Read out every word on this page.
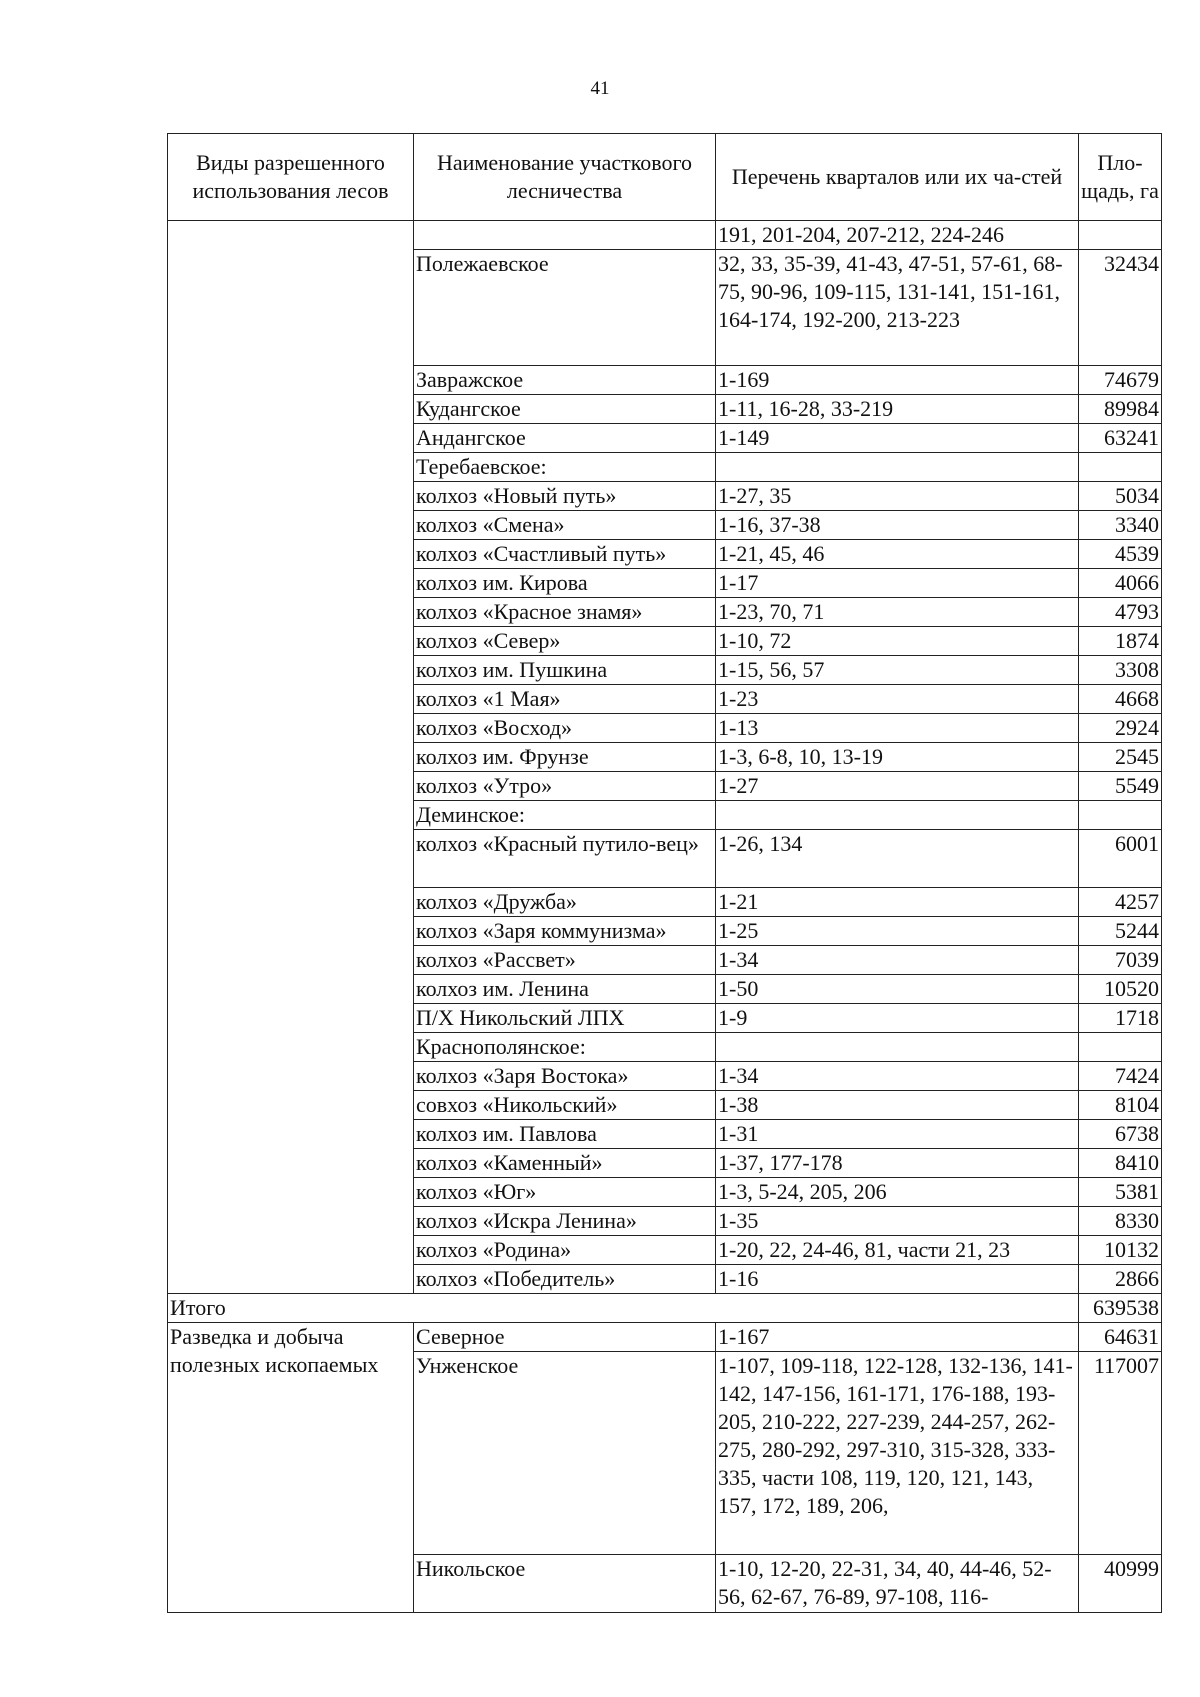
41
Виды разрешенного использования лесов	Наименование участкового лесничества	Перечень кварталов или их ча-стей	Пло-щадь, га
		191, 201-204, 207-212, 224-246	
	Полежаевское	32, 33, 35-39, 41-43, 47-51, 57-61, 68-75, 90-96, 109-115, 131-141, 151-161, 164-174, 192-200, 213-223	32434
	Завражское	1-169	74679
	Кудангское	1-11, 16-28, 33-219	89984
	Андангское	1-149	63241
	Теребаевское:		
	колхоз «Новый путь»	1-27, 35	5034
	колхоз «Смена»	1-16, 37-38	3340
	колхоз «Счастливый путь»	1-21, 45, 46	4539
	колхоз им. Кирова	1-17	4066
	колхоз «Красное знамя»	1-23, 70, 71	4793
	колхоз «Север»	1-10, 72	1874
	колхоз им. Пушкина	1-15, 56, 57	3308
	колхоз «1 Мая»	1-23	4668
	колхоз «Восход»	1-13	2924
	колхоз им. Фрунзе	1-3, 6-8, 10, 13-19	2545
	колхоз «Утро»	1-27	5549
	Деминское:		
	колхоз «Красный путило-вец»	1-26, 134	6001
	колхоз «Дружба»	1-21	4257
	колхоз «Заря коммунизма»	1-25	5244
	колхоз «Рассвет»	1-34	7039
	колхоз им. Ленина	1-50	10520
	П/Х Никольский ЛПХ	1-9	1718
	Краснополянское:		
	колхоз «Заря Востока»	1-34	7424
	совхоз «Никольский»	1-38	8104
	колхоз им. Павлова	1-31	6738
	колхоз «Каменный»	1-37, 177-178	8410
	колхоз «Юг»	1-3, 5-24, 205, 206	5381
	колхоз «Искра Ленина»	1-35	8330
	колхоз «Родина»	1-20, 22, 24-46, 81, части 21, 23	10132
	колхоз «Победитель»	1-16	2866
Итого			639538
Разведка и добыча полезных ископаемых	Северное	1-167	64631
	Унженское	1-107, 109-118, 122-128, 132-136, 141-142, 147-156, 161-171, 176-188, 193-205, 210-222, 227-239, 244-257, 262-275, 280-292, 297-310, 315-328, 333-335, части 108, 119, 120, 121, 143, 157, 172, 189, 206,	117007
	Никольское	1-10, 12-20, 22-31, 34, 40, 44-46, 52-56, 62-67, 76-89, 97-108, 116-	40999
